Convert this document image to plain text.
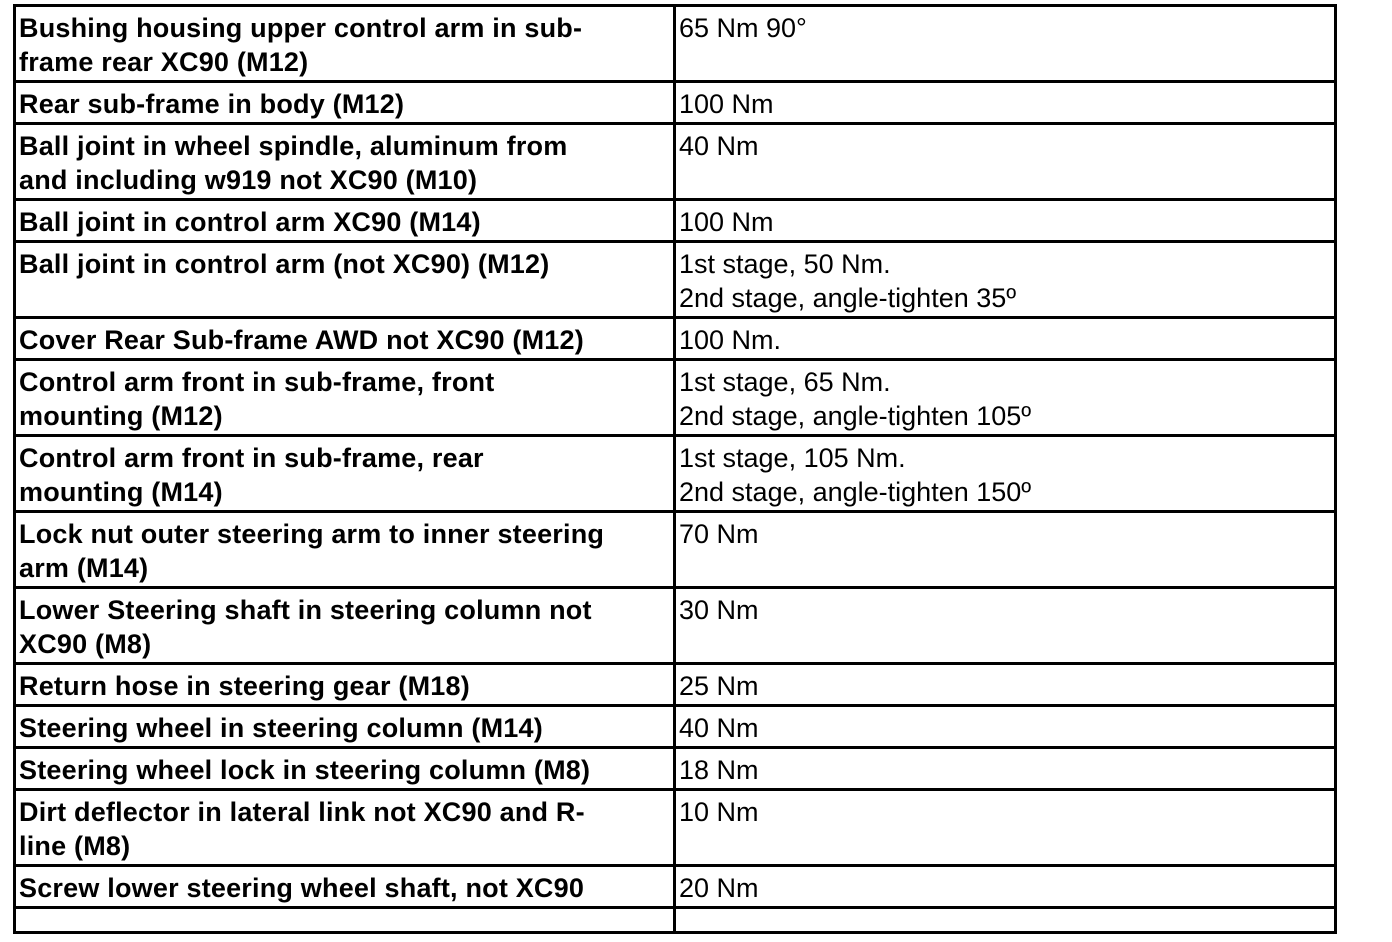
Bushing housing upper control arm in sub-
frame rear XC90 (M12)	65 Nm 90°

Rear sub-frame in body (M12)	100 Nm

Ball joint in wheel spindle, aluminum from
and including w919 not XC90 (M10)	40 Nm

Ball joint in control arm XC90 (M14)	100 Nm

Ball joint in control arm (not XC90) (M12)	1st stage, 50 Nm.
2nd stage, angle-tighten 35º

Cover Rear Sub-frame AWD not XC90 (M12)	100 Nm.

Control arm front in sub-frame, front
mounting (M12)	1st stage, 65 Nm.
2nd stage, angle-tighten 105º

Control arm front in sub-frame, rear
mounting (M14)	1st stage, 105 Nm.
2nd stage, angle-tighten 150º

Lock nut outer steering arm to inner steering
arm (M14)	70 Nm

Lower Steering shaft in steering column not
XC90 (M8)	30 Nm

Return hose in steering gear (M18)	25 Nm

Steering wheel in steering column (M14)	40 Nm

Steering wheel lock in steering column (M8)	18 Nm

Dirt deflector in lateral link not XC90 and R-
line (M8)	10 Nm

Screw lower steering wheel shaft, not XC90	20 Nm
